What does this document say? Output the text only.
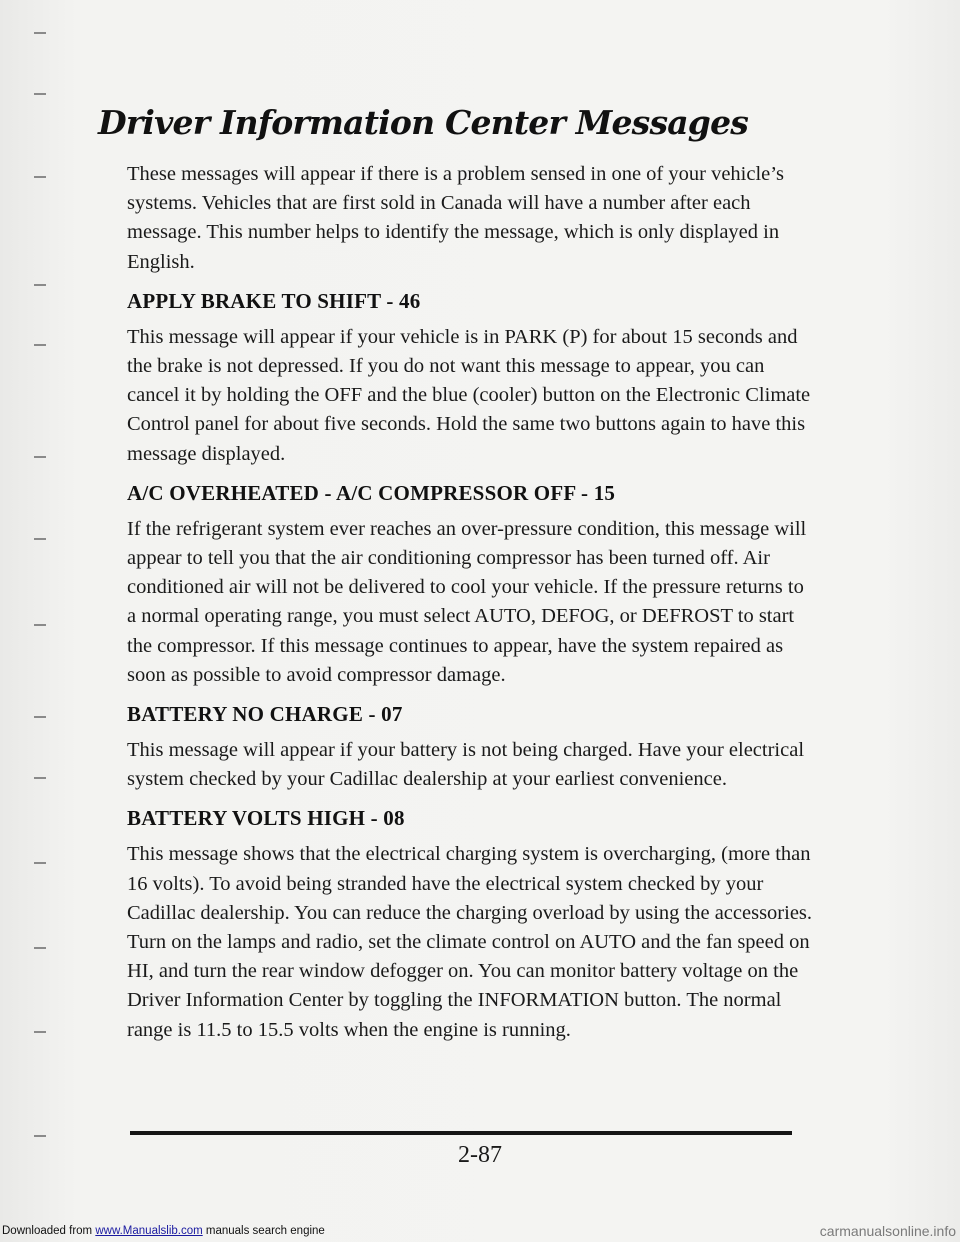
Driver Information Center Messages

These messages will appear if there is a problem sensed in one of your vehicle’s systems. Vehicles that are first sold in Canada will have a number after each message. This number helps to identify the message, which is only displayed in English.

APPLY BRAKE TO SHIFT - 46

This message will appear if your vehicle is in PARK (P) for about 15 seconds and the brake is not depressed. If you do not want this message to appear, you can cancel it by holding the OFF and the blue (cooler) button on the Electronic Climate Control panel for about five seconds. Hold the same two buttons again to have this message displayed.

A/C OVERHEATED - A/C COMPRESSOR OFF - 15

If the refrigerant system ever reaches an over-pressure condition, this message will appear to tell you that the air conditioning compressor has been turned off. Air conditioned air will not be delivered to cool your vehicle. If the pressure returns to a normal operating range, you must select AUTO, DEFOG, or DEFROST to start the compressor. If this message continues to appear, have the system repaired as soon as possible to avoid compressor damage.

BATTERY NO CHARGE - 07

This message will appear if your battery is not being charged. Have your electrical system checked by your Cadillac dealership at your earliest convenience.

BATTERY VOLTS HIGH - 08

This message shows that the electrical charging system is overcharging, (more than 16 volts). To avoid being stranded have the electrical system checked by your Cadillac dealership. You can reduce the charging overload by using the accessories. Turn on the lamps and radio, set the climate control on AUTO and the fan speed on HI, and turn the rear window defogger on. You can monitor battery voltage on the Driver Information Center by toggling the INFORMATION button. The normal range is 11.5 to 15.5 volts when the engine is running.

2-87
Downloaded from www.Manualslib.com manuals search engine	carmanualsonline.info
